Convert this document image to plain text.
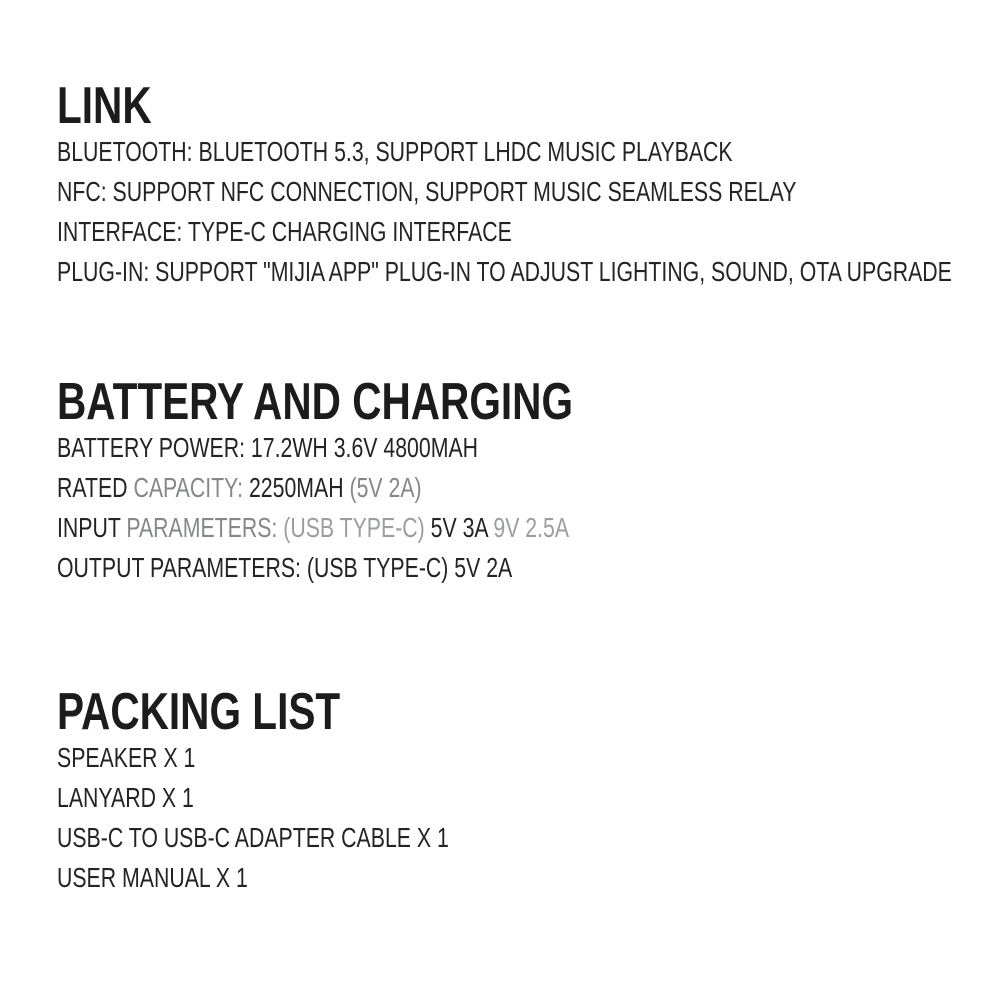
LINK

BLUETOOTH: BLUETOOTH 5.3, SUPPORT LHDC MUSIC PLAYBACK

NFC: SUPPORT NFC CONNECTION, SUPPORT MUSIC SEAMLESS RELAY

INTERFACE: TYPE-C CHARGING INTERFACE

PLUG-IN: SUPPORT "MIJIA APP" PLUG-IN TO ADJUST LIGHTING, SOUND, OTA UPGRADE

BATTERY AND CHARGING

BATTERY POWER: 17.2WH 3.6V 4800MAH

RATED CAPACITY: 2250MAH (5V 2A)

INPUT PARAMETERS: (USB TYPE-C) 5V 3A 9V 2.5A

OUTPUT PARAMETERS: (USB TYPE-C) 5V 2A

PACKING LIST

SPEAKER X 1

LANYARD X 1

USB-C TO USB-C ADAPTER CABLE X 1

USER MANUAL X 1
